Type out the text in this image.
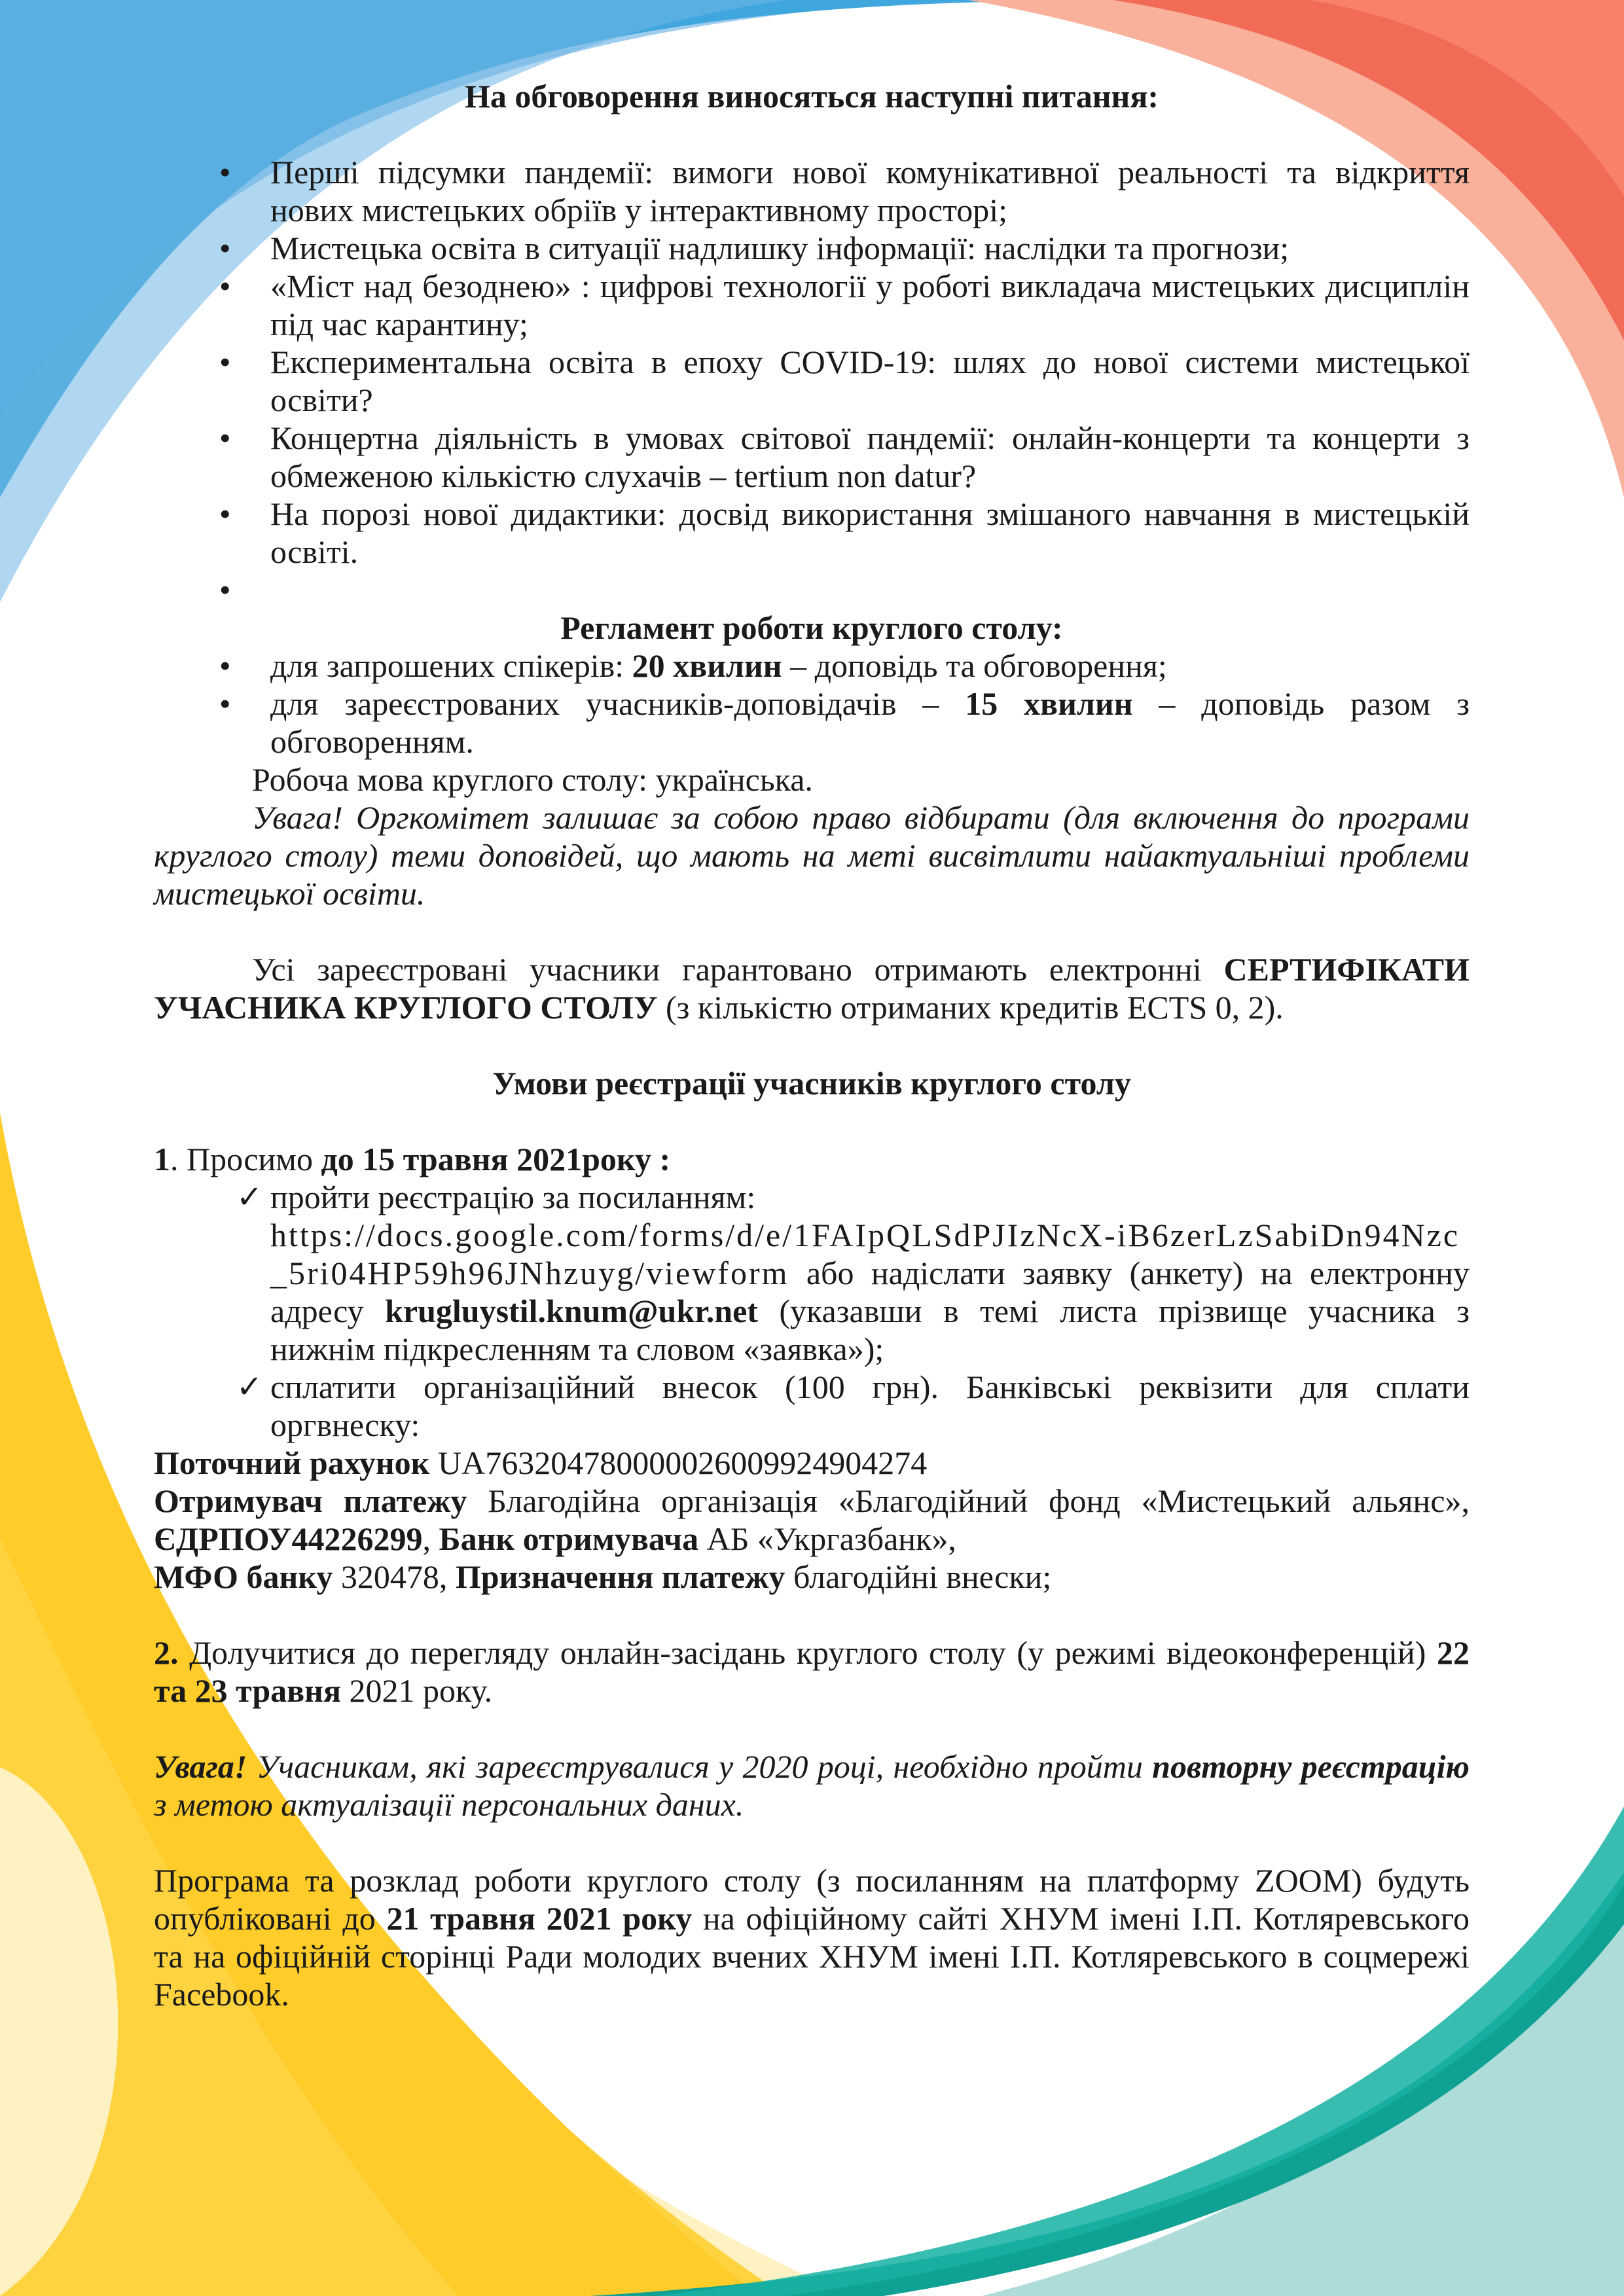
На обговорення виносяться наступні питання:

• Перші підсумки пандемії: вимоги нової комунікативної реальності та відкриття нових мистецьких обріїв у інтерактивному просторі;
• Мистецька освіта в ситуації надлишку інформації: наслідки та прогнози;
• «Міст над безоднею» : цифрові технології у роботі викладача мистецьких дисциплін під час карантину;
• Експериментальна освіта в епоху COVID-19: шлях до нової системи мистецької освіти?
• Концертна діяльність в умовах світової пандемії: онлайн-концерти та концерти з обмеженою кількістю слухачів – tertium non datur?
• На порозі нової дидактики: досвід використання змішаного навчання в мистецькій освіті.
•

Регламент роботи круглого столу:

• для запрошених спікерів: 20 хвилин – доповідь та обговорення;
• для зареєстрованих учасників-доповідачів – 15 хвилин – доповідь разом з обговоренням.

Робоча мова круглого столу: українська.

Увага! Оргкомітет залишає за собою право відбирати (для включення до програми круглого столу) теми доповідей, що мають на меті висвітлити найактуальніші проблеми мистецької освіти.

Усі зареєстровані учасники гарантовано отримають електронні СЕРТИФІКАТИ УЧАСНИКА КРУГЛОГО СТОЛУ (з кількістю отриманих кредитів ECTS 0, 2).

Умови реєстрації учасників круглого столу

1. Просимо до 15 травня 2021року :

✓ пройти реєстрацію за посиланням:
https://docs.google.com/forms/d/e/1FAIpQLSdPJIzNcX-iB6zerLzSabiDn94Nzc_5ri04HP59h96JNhzuyg/viewform або надіслати заявку (анкету) на електронну адресу krugluystil.knum@ukr.net (указавши в темі листа прізвище учасника з нижнім підкресленням та словом «заявка»);
✓ сплатити організаційний внесок (100 грн). Банківські реквізити для сплати оргвнеску:

Поточний рахунок UA763204780000026009924904274

Отримувач платежу Благодійна організація «Благодійний фонд «Мистецький альянс», ЄДРПОУ44226299, Банк отримувача АБ «Укргазбанк»,

МФО банку 320478, Призначення платежу благодійні внески;

2. Долучитися до перегляду онлайн-засідань круглого столу (у режимі відеоконференцій) 22 та 23 травня 2021 року.

Увага! Учасникам, які зареєструвалися у 2020 році, необхідно пройти повторну реєстрацію з метою актуалізації персональних даних.

Програма та розклад роботи круглого столу (з посиланням на платформу ZOOM) будуть опубліковані до 21 травня 2021 року на офіційному сайті ХНУМ імені І.П. Котляревського та на офіційній сторінці Ради молодих вчених ХНУМ імені І.П. Котляревського в соцмережі Facebook.
